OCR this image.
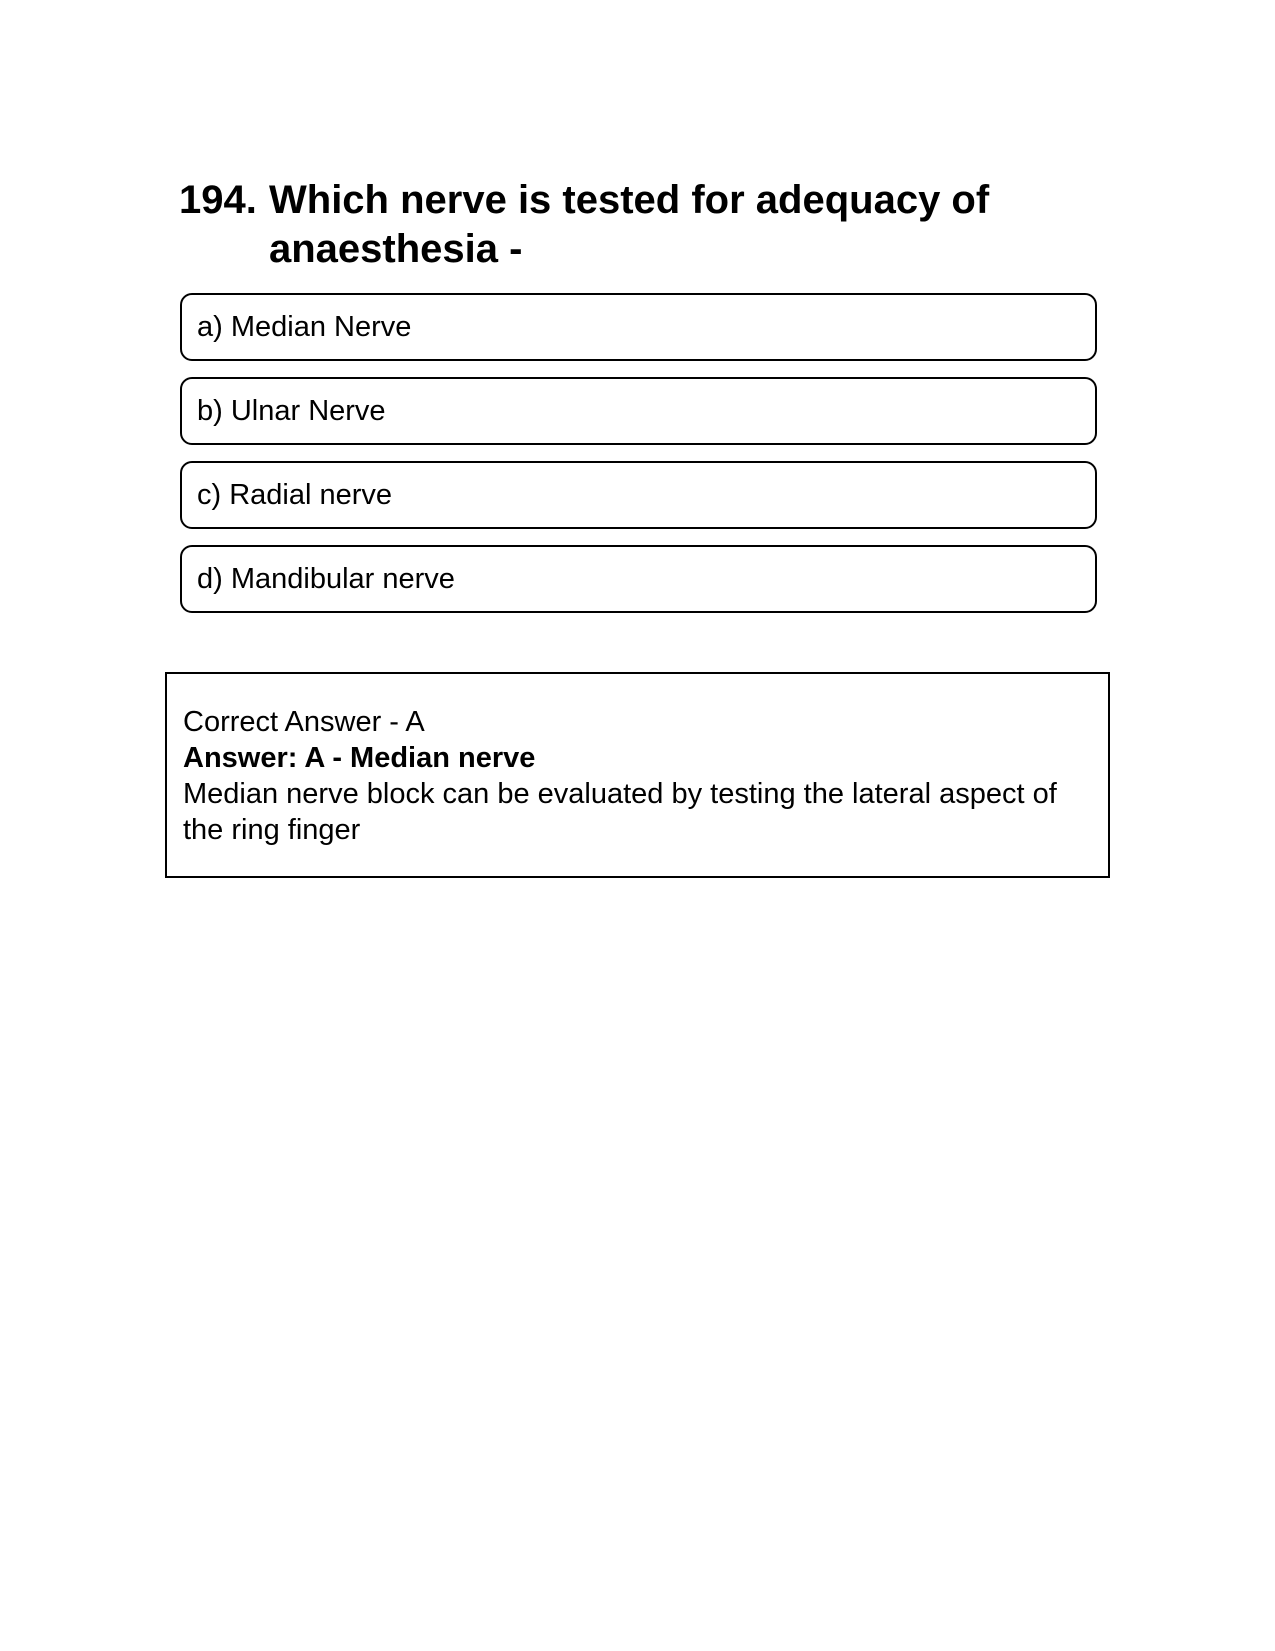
194. Which nerve is tested for adequacy of anaesthesia -
a) Median Nerve
b) Ulnar Nerve
c) Radial nerve
d) Mandibular nerve
Correct Answer - A
Answer: A - Median nerve
Median nerve block can be evaluated by testing the lateral aspect of the ring finger
